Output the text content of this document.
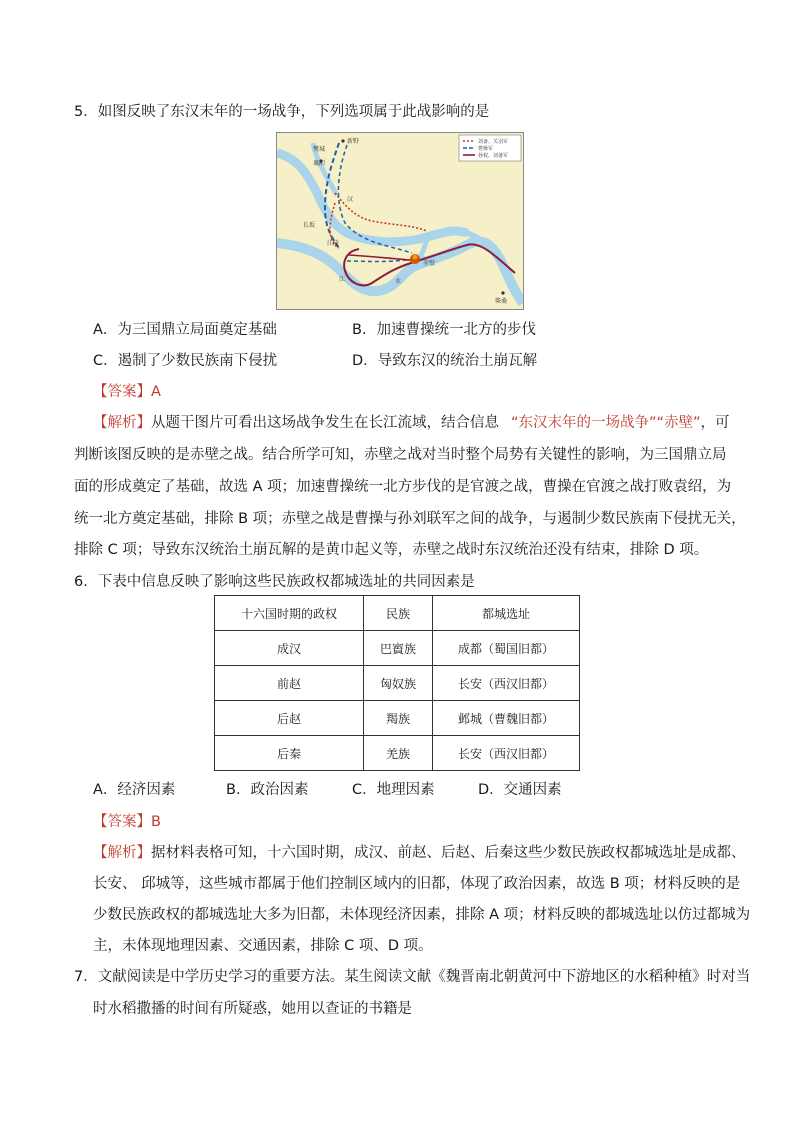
5．如图反映了东汉末年的一场战争，下列选项属于此战影响的是
新野
樊城
襄阳
长坂
江陵
赤壁
柴桑
汉
江	水
刘备、关羽军
曹操军
孙权、刘备军
A．为三国鼎立局面奠定基础	B．加速曹操统一北方的步伐
C．遏制了少数民族南下侵扰	D．导致东汉的统治土崩瓦解
【答案】A
【解析】从题干图片可看出这场战争发生在长江流域，结合信息 “东汉末年的一场战争”“赤壁”，可
判断该图反映的是赤壁之战。结合所学可知，赤壁之战对当时整个局势有关键性的影响，为三国鼎立局
面的形成奠定了基础，故选 A 项；加速曹操统一北方步伐的是官渡之战，曹操在官渡之战打败袁绍，为
统一北方奠定基础，排除 B 项；赤壁之战是曹操与孙刘联军之间的战争，与遏制少数民族南下侵扰无关，
排除 C 项；导致东汉统治土崩瓦解的是黄巾起义等，赤壁之战时东汉统治还没有结束，排除 D 项。
6．下表中信息反映了影响这些民族政权都城选址的共同因素是
十六国时期的政权	民族	都城选址
成汉	巴賨族	成都（蜀国旧都）
前赵	匈奴族	长安（西汉旧都）
后赵	羯族	邺城（曹魏旧都）
后秦	羌族	长安（西汉旧都）
A．经济因素	B．政治因素	C．地理因素	D．交通因素
【答案】B
【解析】据材料表格可知，十六国时期，成汉、前赵、后赵、后秦这些少数民族政权都城选址是成都、
长安、 邱城等，这些城市都属于他们控制区域内的旧都，体现了政治因素，故选 B 项；材料反映的是
少数民族政权的都城选址大多为旧都，未体现经济因素，排除 A 项；材料反映的都城选址以仿过都城为
主，未体现地理因素、交通因素，排除 C 项、D 项。
7．文献阅读是中学历史学习的重要方法。某生阅读文献《魏晋南北朝黄河中下游地区的水稻种植》时对当
时水稻撒播的时间有所疑惑，她用以查证的书籍是
